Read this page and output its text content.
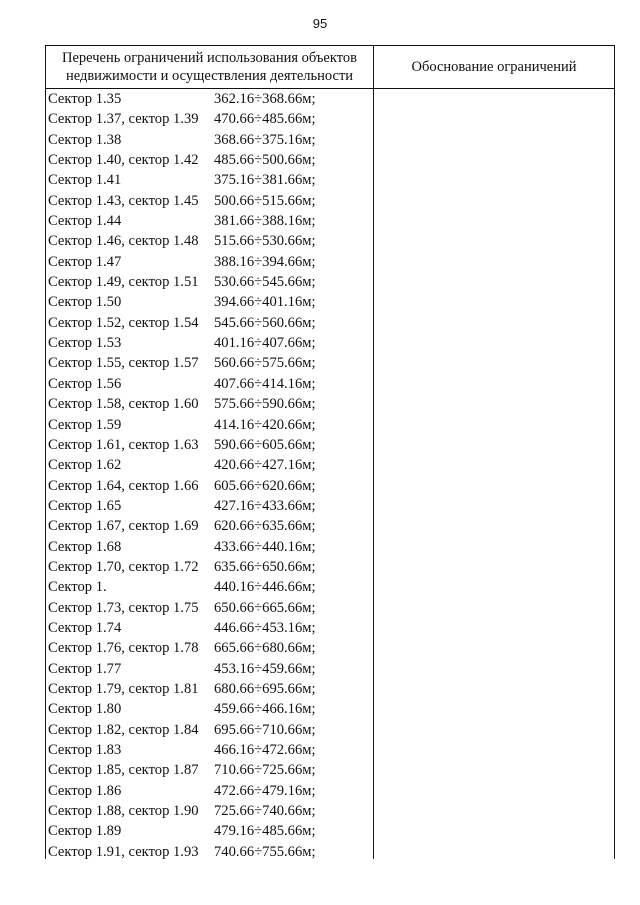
95
Перечень ограничений использования объектов
недвижимости и осуществления деятельности
Обоснование ограничений
Сектор 1.35	362.16÷368.66м;
Сектор 1.37, сектор 1.39 470.66÷485.66м;
Сектор 1.38	368.66÷375.16м;
Сектор 1.40, сектор 1.42 485.66÷500.66м;
Сектор 1.41	375.16÷381.66м;
Сектор 1.43, сектор 1.45 500.66÷515.66м;
Сектор 1.44	381.66÷388.16м;
Сектор 1.46, сектор 1.48 515.66÷530.66м;
Сектор 1.47	388.16÷394.66м;
Сектор 1.49, сектор 1.51 530.66÷545.66м;
Сектор 1.50	394.66÷401.16м;
Сектор 1.52, сектор 1.54 545.66÷560.66м;
Сектор 1.53	401.16÷407.66м;
Сектор 1.55, сектор 1.57 560.66÷575.66м;
Сектор 1.56	407.66÷414.16м;
Сектор 1.58, сектор 1.60 575.66÷590.66м;
Сектор 1.59	414.16÷420.66м;
Сектор 1.61, сектор 1.63 590.66÷605.66м;
Сектор 1.62	420.66÷427.16м;
Сектор 1.64, сектор 1.66 605.66÷620.66м;
Сектор 1.65	427.16÷433.66м;
Сектор 1.67, сектор 1.69 620.66÷635.66м;
Сектор 1.68	433.66÷440.16м;
Сектор 1.70, сектор 1.72 635.66÷650.66м;
Сектор 1.	440.16÷446.66м;
Сектор 1.73, сектор 1.75 650.66÷665.66м;
Сектор 1.74	446.66÷453.16м;
Сектор 1.76, сектор 1.78 665.66÷680.66м;
Сектор 1.77	453.16÷459.66м;
Сектор 1.79, сектор 1.81 680.66÷695.66м;
Сектор 1.80	459.66÷466.16м;
Сектор 1.82, сектор 1.84 695.66÷710.66м;
Сектор 1.83	466.16÷472.66м;
Сектор 1.85, сектор 1.87 710.66÷725.66м;
Сектор 1.86	472.66÷479.16м;
Сектор 1.88, сектор 1.90 725.66÷740.66м;
Сектор 1.89	479.16÷485.66м;
Сектор 1.91, сектор 1.93 740.66÷755.66м;
